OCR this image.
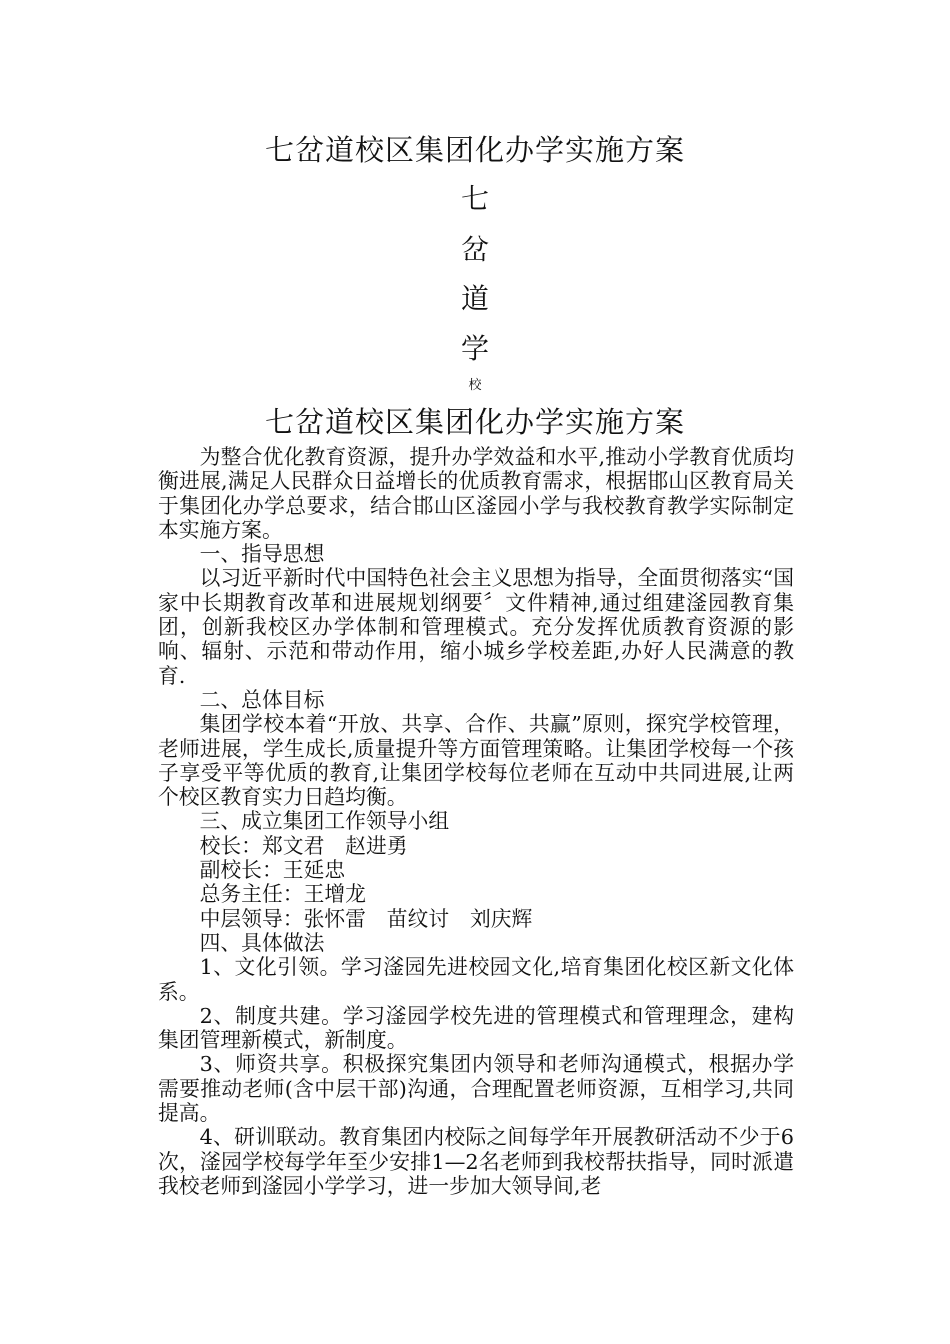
七岔道校区集团化办学实施方案
七
岔
道
学
校
七岔道校区集团化办学实施方案

为整合优化教育资源，提升办学效益和水平,推动小学教育优质均衡进展,满足人民群众日益增长的优质教育需求，根据邯山区教育局关于集团化办学总要求，结合邯山区滏园小学与我校教育教学实际制定本实施方案。

一、指导思想

以习近平新时代中国特色社会主义思想为指导，全面贯彻落实“国家中长期教育改革和进展规划纲要〞文件精神,通过组建滏园教育集团，创新我校区办学体制和管理模式。充分发挥优质教育资源的影响、辐射、示范和带动作用，缩小城乡学校差距,办好人民满意的教育.

二、总体目标

集团学校本着“开放、共享、合作、共赢”原则，探究学校管理，老师进展，学生成长,质量提升等方面管理策略。让集团学校每一个孩子享受平等优质的教育,让集团学校每位老师在互动中共同进展,让两个校区教育实力日趋均衡。

三、成立集团工作领导小组

校长：郑文君　赵进勇

副校长：王延忠

总务主任：王增龙

中层领导：张怀雷　苗纹讨　刘庆辉

四、具体做法

1、文化引领。学习滏园先进校园文化,培育集团化校区新文化体系。

2、制度共建。学习滏园学校先进的管理模式和管理理念，建构集团管理新模式，新制度。

3、师资共享。积极探究集团内领导和老师沟通模式，根据办学需要推动老师(含中层干部)沟通，合理配置老师资源，互相学习,共同提高。

4、研训联动。教育集团内校际之间每学年开展教研活动不少于6次，滏园学校每学年至少安排1—2名老师到我校帮扶指导，同时派遣我校老师到滏园小学学习，进一步加大领导间,老
